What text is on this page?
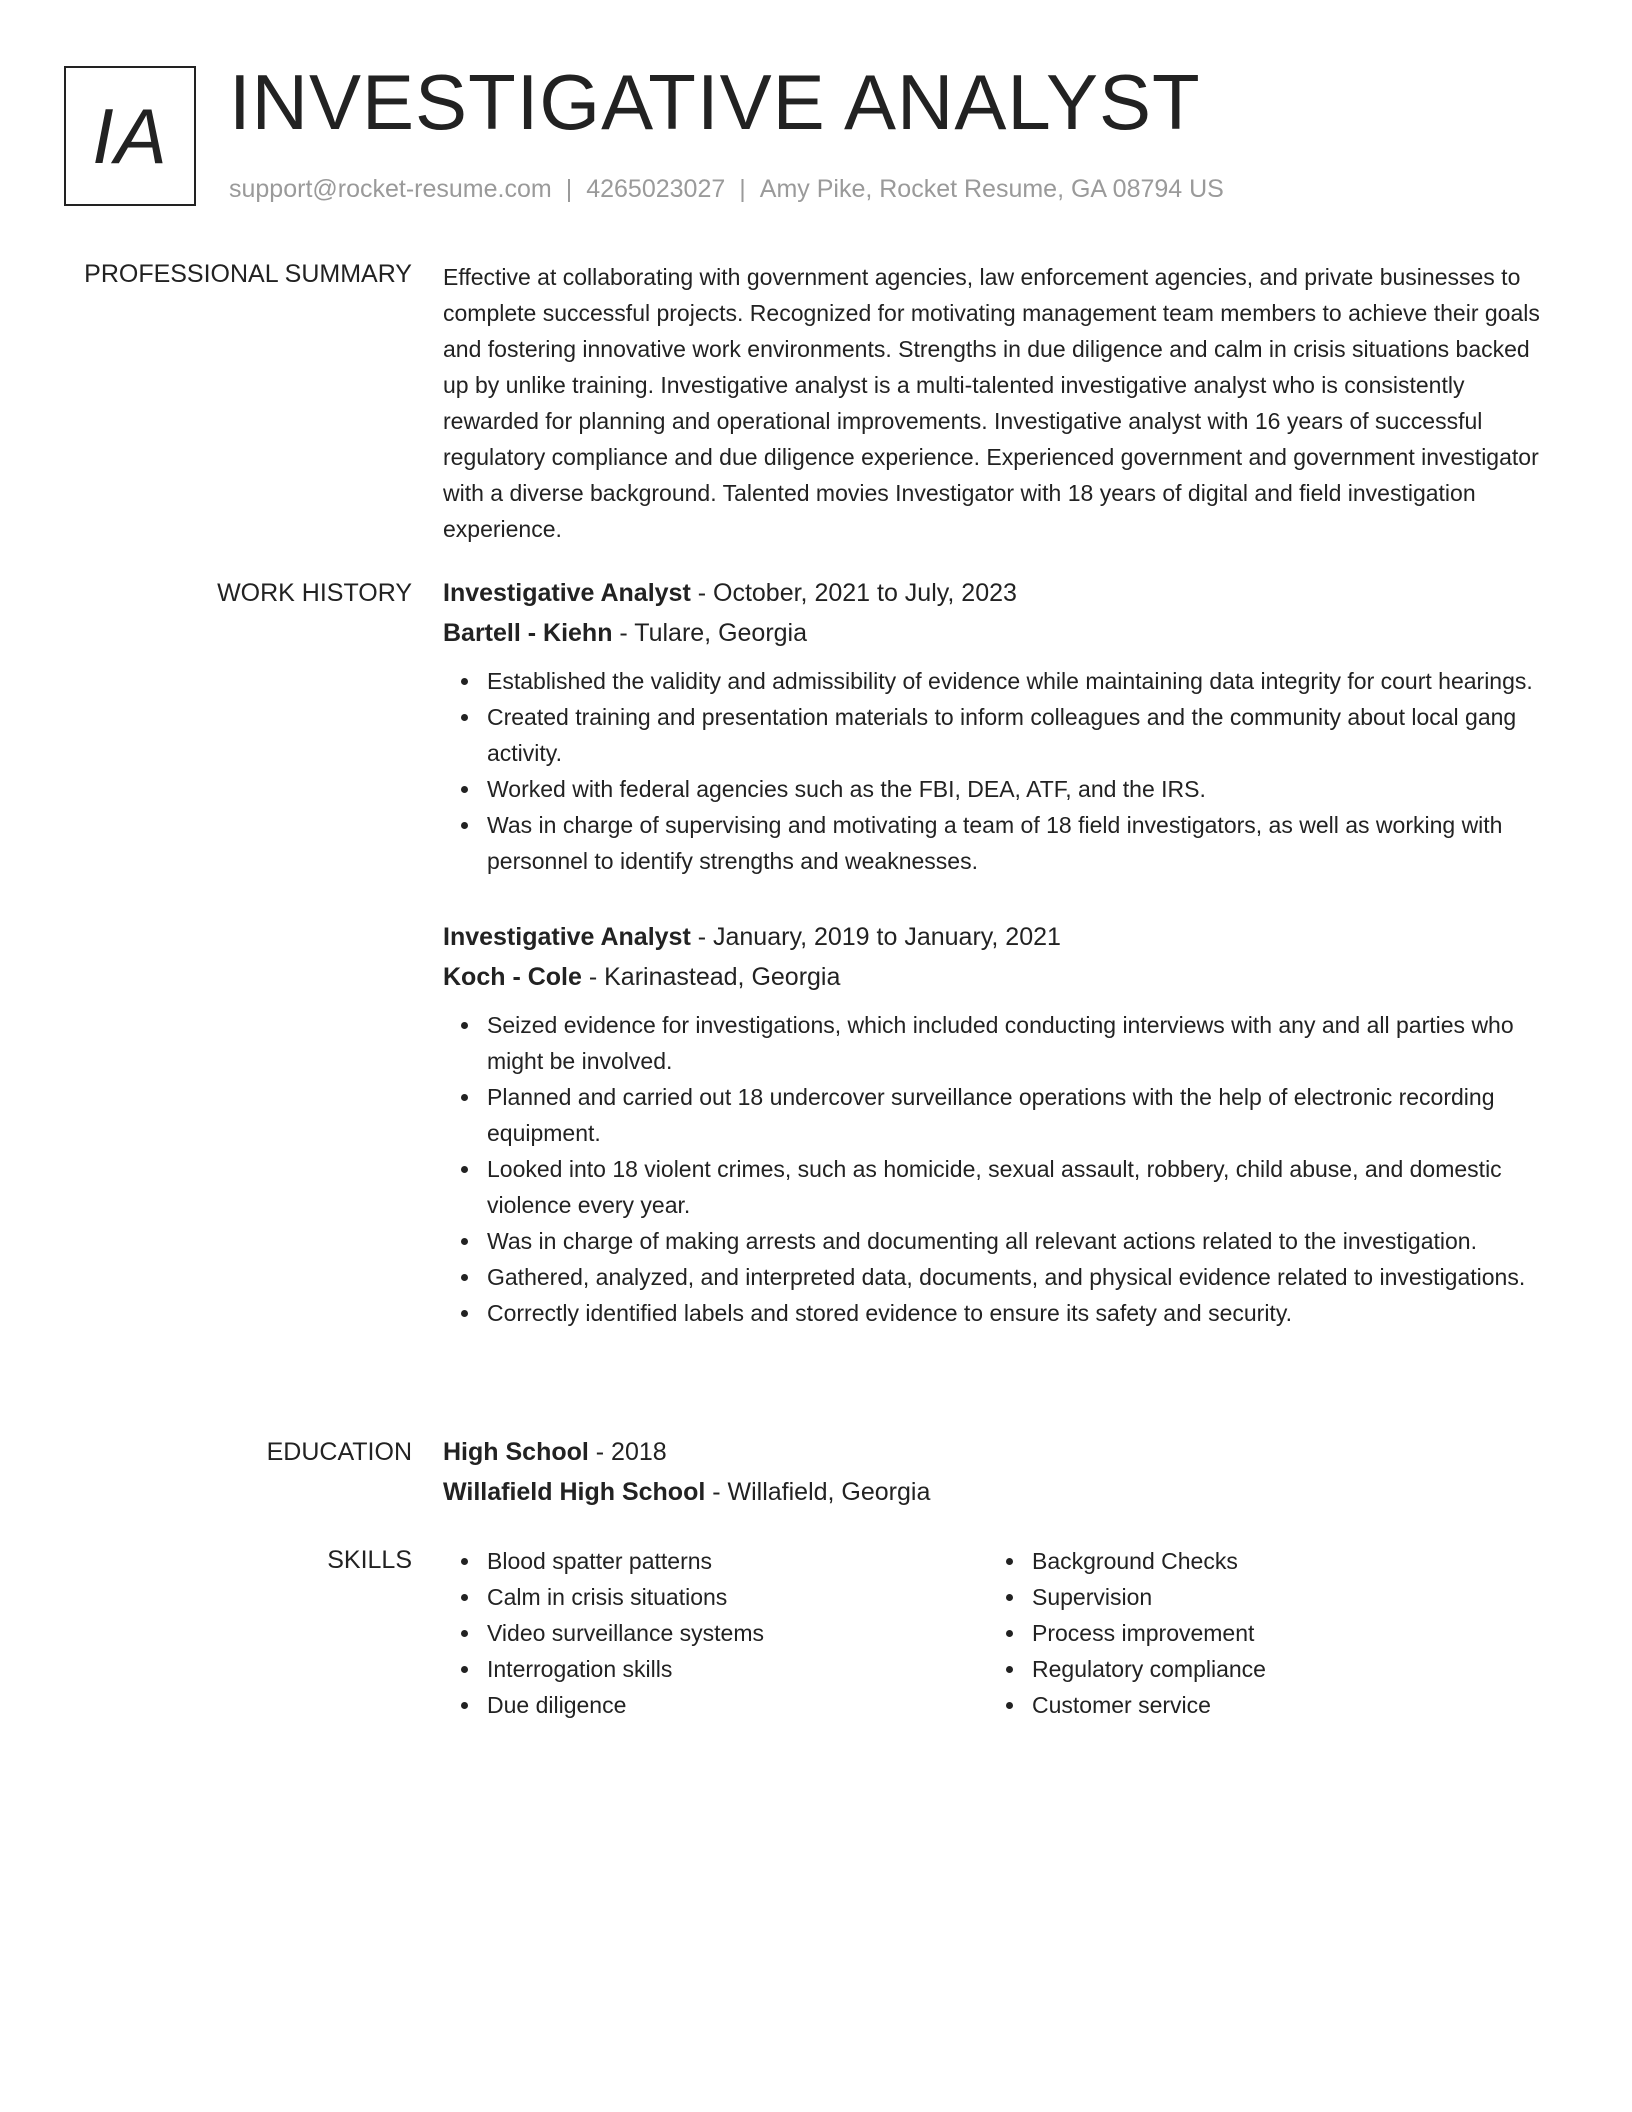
IA INVESTIGATIVE ANALYST
support@rocket-resume.com | 4265023027 | Amy Pike, Rocket Resume, GA 08794 US
PROFESSIONAL SUMMARY Effective at collaborating with government agencies, law enforcement agencies, and private businesses to complete successful projects. Recognized for motivating management team members to achieve their goals and fostering innovative work environments. Strengths in due diligence and calm in crisis situations backed up by unlike training. Investigative analyst is a multi-talented investigative analyst who is consistently rewarded for planning and operational improvements. Investigative analyst with 16 years of successful regulatory compliance and due diligence experience. Experienced government and government investigator with a diverse background. Talented movies Investigator with 18 years of digital and field investigation experience.

WORK HISTORY Investigative Analyst - October, 2021 to July, 2023
Bartell - Kiehn - Tulare, Georgia
Established the validity and admissibility of evidence while maintaining data integrity for court hearings.
Created training and presentation materials to inform colleagues and the community about local gang activity.
Worked with federal agencies such as the FBI, DEA, ATF, and the IRS.
Was in charge of supervising and motivating a team of 18 field investigators, as well as working with personnel to identify strengths and weaknesses.
Investigative Analyst - January, 2019 to January, 2021
Koch - Cole - Karinastead, Georgia
Seized evidence for investigations, which included conducting interviews with any and all parties who might be involved.
Planned and carried out 18 undercover surveillance operations with the help of electronic recording equipment.
Looked into 18 violent crimes, such as homicide, sexual assault, robbery, child abuse, and domestic violence every year.
Was in charge of making arrests and documenting all relevant actions related to the investigation.
Gathered, analyzed, and interpreted data, documents, and physical evidence related to investigations.
Correctly identified labels and stored evidence to ensure its safety and security.
EDUCATION High School - 2018
Willafield High School - Willafield, Georgia
SKILLS	Blood spatter patterns
Calm in crisis situations
Video surveillance systems
Interrogation skills
Due diligence
Background Checks
Supervision
Process improvement
Regulatory compliance
Customer service
